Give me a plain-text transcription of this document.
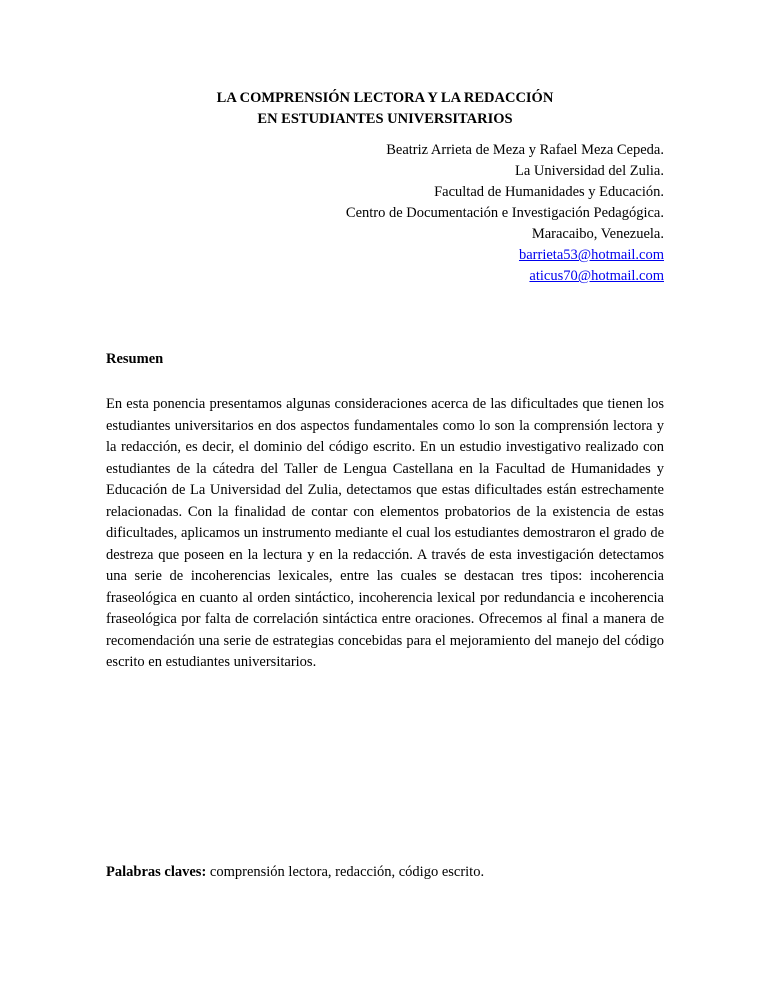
LA COMPRENSIÓN LECTORA Y LA REDACCIÓN
EN ESTUDIANTES UNIVERSITARIOS
Beatriz Arrieta de Meza y Rafael Meza Cepeda.
La Universidad del Zulia.
Facultad de Humanidades y Educación.
Centro de Documentación e Investigación Pedagógica.
Maracaibo, Venezuela.
barrieta53@hotmail.com
aticus70@hotmail.com
Resumen

En esta ponencia presentamos algunas consideraciones acerca de las dificultades que tienen los estudiantes universitarios en dos aspectos fundamentales como lo son la comprensión lectora y la redacción, es decir, el dominio del código escrito. En un estudio investigativo realizado con estudiantes de la cátedra del Taller de Lengua Castellana en la Facultad de Humanidades y Educación de La Universidad del Zulia, detectamos que estas dificultades están estrechamente relacionadas. Con la finalidad de contar con elementos probatorios de la existencia de estas dificultades, aplicamos un instrumento mediante el cual los estudiantes demostraron el grado de destreza que poseen en la lectura y en la redacción. A través de esta investigación detectamos una serie de incoherencias lexicales, entre las cuales se destacan tres tipos: incoherencia fraseológica en cuanto al orden sintáctico, incoherencia lexical por redundancia e incoherencia fraseológica por falta de correlación sintáctica entre oraciones. Ofrecemos al final a manera de recomendación una serie de estrategias concebidas para el mejoramiento del manejo del código escrito en estudiantes universitarios.

Palabras claves: comprensión lectora, redacción, código escrito.
